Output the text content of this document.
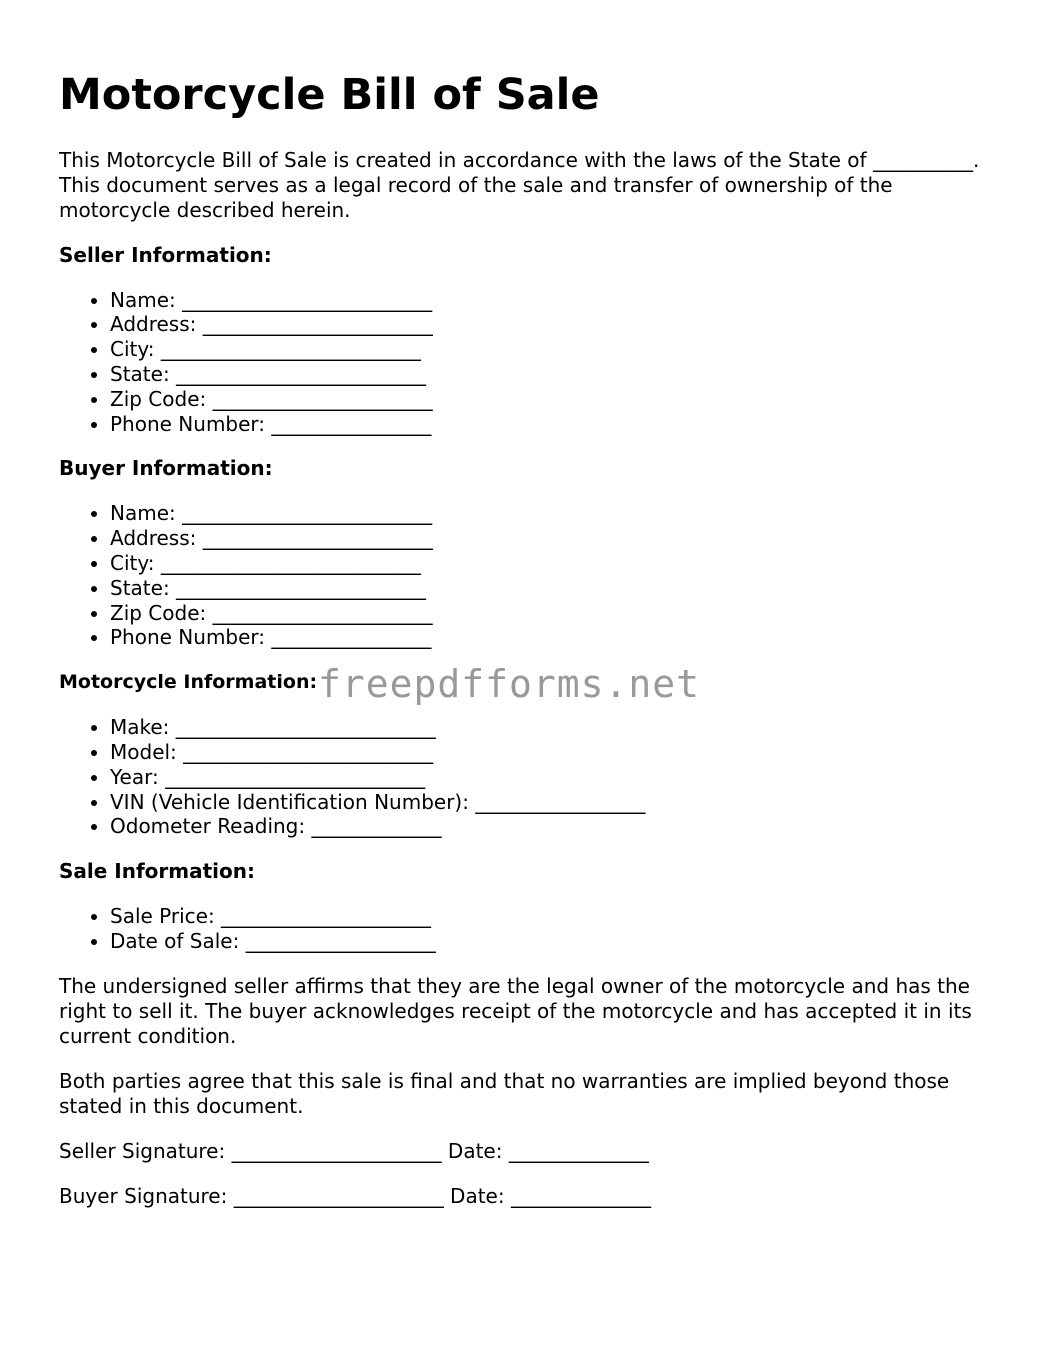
Motorcycle Bill of Sale

This Motorcycle Bill of Sale is created in accordance with the laws of the State of __________. This document serves as a legal record of the sale and transfer of ownership of the motorcycle described herein.

Seller Information:
• Name: _________________________
• Address: _______________________
• City: __________________________
• State: _________________________
• Zip Code: ______________________
• Phone Number: ________________
Buyer Information:
• Name: _________________________
• Address: _______________________
• City: __________________________
• State: _________________________
• Zip Code: ______________________
• Phone Number: ________________
Motorcycle Information:
• Make: __________________________
• Model: _________________________
• Year: __________________________
• VIN (Vehicle Identification Number): _________________
• Odometer Reading: _____________
Sale Information:
• Sale Price: _____________________
• Date of Sale: ___________________

The undersigned seller affirms that they are the legal owner of the motorcycle and has the right to sell it. The buyer acknowledges receipt of the motorcycle and has accepted it in its current condition.

Both parties agree that this sale is final and that no warranties are implied beyond those stated in this document.

Seller Signature: _____________________ Date: ______________

Buyer Signature: _____________________ Date: ______________

freepdfforms.net
